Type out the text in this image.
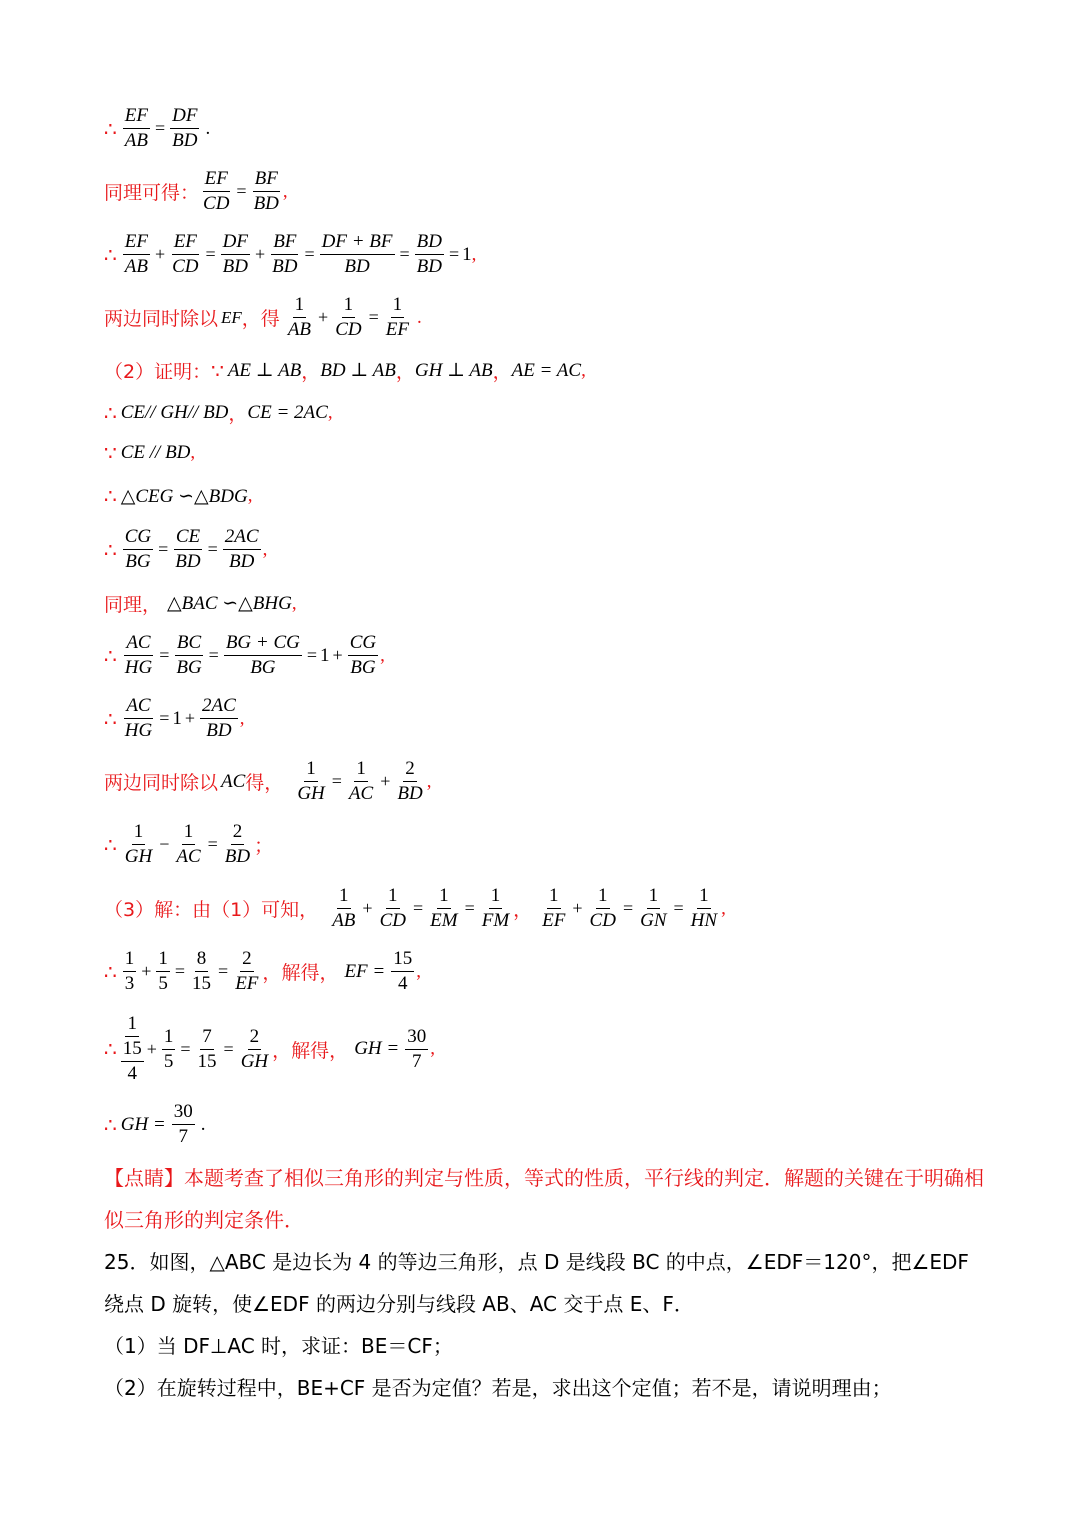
∴ $\frac{EF}{AB} = \frac{DF}{BD}$ .
同理可得： $\frac{EF}{CD} = \frac{BF}{BD}$ ,
∴ $\frac{EF}{AB} + \frac{EF}{CD} = \frac{DF}{BD} + \frac{BF}{BD} = \frac{DF + BF}{BD} = \frac{BD}{BD} = 1$ ,
两边同时除以 EF ，得 $\frac{1}{AB} + \frac{1}{CD} = \frac{1}{EF}$ .
（2）证明： ∵ AE ⊥ AB ， BD ⊥ AB ， GH ⊥ AB ， AE = AC ,
∴ CE// GH// BD ， CE = 2AC ,
∵ CE // BD ,
∴ △CEG ∽△BDG ,
∴ $\frac{CG}{BG} = \frac{CE}{BD} = \frac{2AC}{BD}$ ,
同理， △BAC ∽△BHG ,
∴ $\frac{AC}{HG} = \frac{BC}{BG} = \frac{BG + CG}{BG} = 1 + \frac{CG}{BG}$ ,
∴ $\frac{AC}{HG} = 1 + \frac{2AC}{BD}$ ,
两边同时除以 AC 得， $\frac{1}{GH} = \frac{1}{AC} + \frac{2}{BD}$ ,
∴ $\frac{1}{GH} - \frac{1}{AC} = \frac{2}{BD}$ ；
（3）解：由（1）可知， $\frac{1}{AB} + \frac{1}{CD} = \frac{1}{EM} = \frac{1}{FM}$ ， $\frac{1}{EF} + \frac{1}{CD} = \frac{1}{GN} = \frac{1}{HN}$ ,
∴ $\frac{1}{3} + \frac{1}{5} = \frac{8}{15} = \frac{2}{EF}$ ， 解得， EF = $\frac{15}{4}$ ,
∴
1
15
4
+ $\frac{1}{5} = \frac{7}{15} = \frac{2}{GH}$ ， 解得， GH = $\frac{30}{7}$ ,
∴ GH = $\frac{30}{7}$ .
【点睛】本题考查了相似三角形的判定与性质，等式的性质，平行线的判定．解题的关键在于明确相似三角形的判定条件．
25．如图，△ABC 是边长为 4 的等边三角形，点 D 是线段 BC 的中点，∠EDF＝120°，把∠EDF
绕点 D 旋转，使∠EDF 的两边分别与线段 AB、AC 交于点 E、F．
（1）当 DF⊥AC 时，求证：BE＝CF；
（2）在旋转过程中，BE+CF 是否为定值？若是，求出这个定值；若不是，请说明理由；
